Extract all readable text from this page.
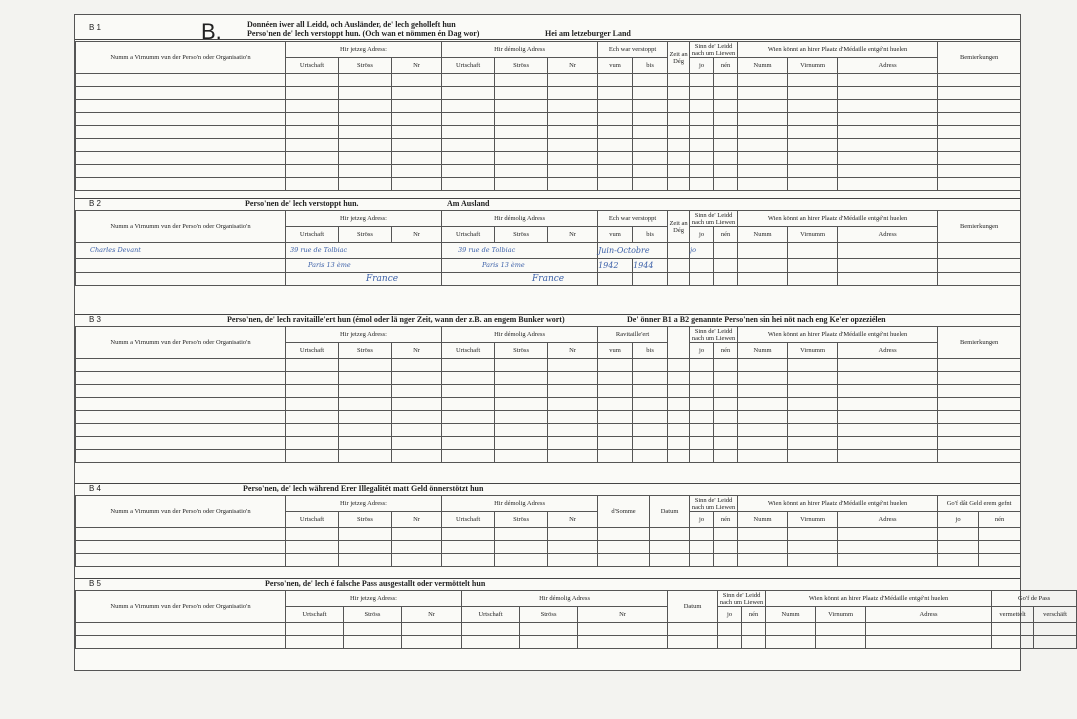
B 1	B.	Donnéen iwer all Leidd, och Ausländer, de' lech geholleft hun
Perso'nen de' lech verstoppt hun. (Och wan et nömmen én Dag wor)	Hei am letzeburger Land
Numm a Virnumm vun der Perso'n oder Organisatio'n	Hir jetzeg Adress:			Hir démolig Adress			Ech war verstoppt		Zeit an Dég	Sinn de' Leidd nach um Liewen		Wien könnt an hirer Plaatz d'Médaille entgé'nt huelen			Bemierkungen
	Urtschaft	Ströss	Nr	Urtschaft	Ströss	Nr	vum	bis		jo	nén	Numm	Virnumm	Adress	

B 2	Perso'nen de' lech verstoppt hun.	Am Ausland
Numm a Virnumm vun der Perso'n oder Organisatio'n	Hir jetzeg Adress:			Hir démolig Adress			Ech war verstoppt		Zeit an Dég	Sinn de' Leidd nach um Liewen		Wien könnt an hirer Plaatz d'Médaille entgé'nt huelen			Bemierkungen
	Urtschaft	Ströss	Nr	Urtschaft	Ströss	Nr	vum	bis		jo	nén	Numm	Virnumm	Adress	
Charles Devant	39 rue de Tolbiac			39 rue de Tolbiac			Juin-Octobre			jo					
	Paris 13 ème			Paris 13 ème			1942	1944							
	France			France											
B 3	Perso'nen, de' lech ravitaille'ert hun (émol oder lä nger Zeit, wann der z.B. an engem Bunker wort)	De' önner B1 a B2 genannte Perso'nen sin hei nöt nach eng Ke'er opzeziélen
Numm a Virnumm vun der Perso'n oder Organisatio'n	Hir jetzeg Adress:			Hir démolig Adress			Ravitaille'ert			Sinn de' Leidd nach um Liewen		Wien könnt an hirer Plaatz d'Médaille entgé'nt huelen			Bemierkungen
	Urtschaft	Ströss	Nr	Urtschaft	Ströss	Nr	vum	bis		jo	nén	Numm	Virnumm	Adress	

B 4	Perso'nen, de' lech während Erer Illegalitét matt Geld önnerstötzt hun
Numm a Virnumm vun der Perso'n oder Organisatio'n	Hir jetzeg Adress:			Hir démolig Adress			d'Somme	Datum	Sinn de' Leidd nach um Liewen		Wien könnt an hirer Plaatz d'Médaille entgé'nt huelen			Go'f dât Geld erem gefnt	
	Urtschaft	Ströss	Nr	Urtschaft	Ströss	Nr			jo	nén	Numm	Virnumm	Adress	jo	nén

B 5	Perso'nen, de' lech é falsche Pass ausgestallt oder vermöttelt hun
Numm a Virnumm vun der Perso'n oder Organisatio'n	Hir jetzeg Adress:			Hir démolig Adress			Datum	Sinn de' Leidd nach um Liewen		Wien könnt an hirer Plaatz d'Médaille entgé'nt huelen			Go'f de Pass	
	Urtschaft	Ströss	Nr	Urtschaft	Ströss	Nr		jo	nén	Numm	Virnumm	Adress	vermettelt	verschäft
